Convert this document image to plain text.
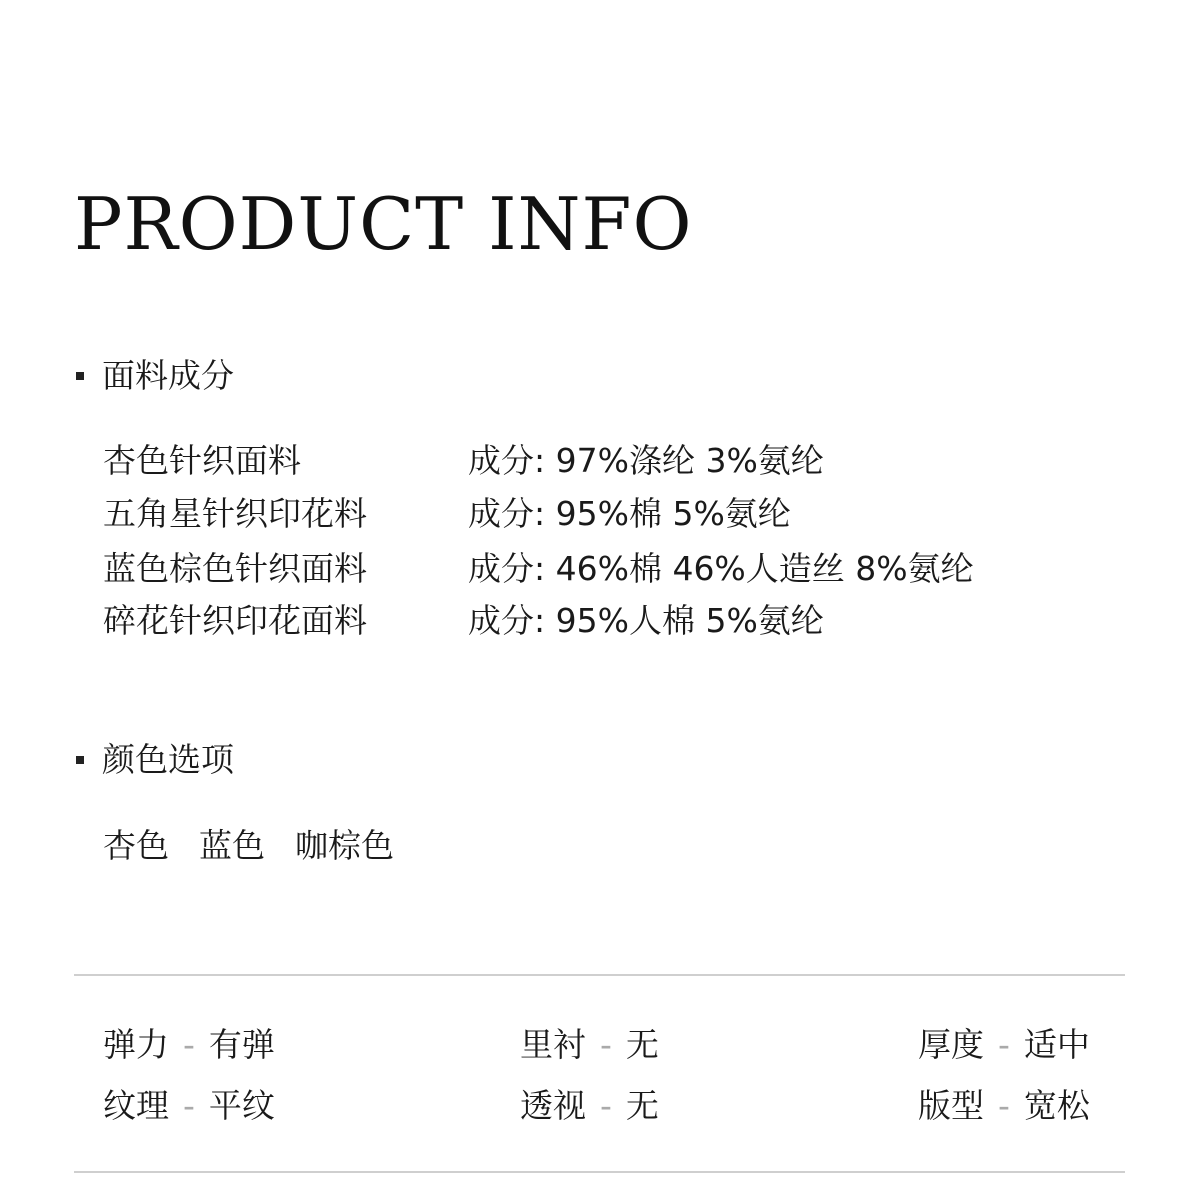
PRODUCT INFO
面料成分
杏色针织面料	成分: 97%涤纶 3%氨纶
五角星针织印花料	成分: 95%棉 5%氨纶
蓝色棕色针织面料	成分: 46%棉 46%人造丝 8%氨纶
碎花针织印花面料	成分: 95%人棉 5%氨纶
颜色选项
杏色 蓝色 咖棕色
弹力 - 有弹	里衬 - 无	厚度 - 适中
纹理 - 平纹	透视 - 无	版型 - 宽松
